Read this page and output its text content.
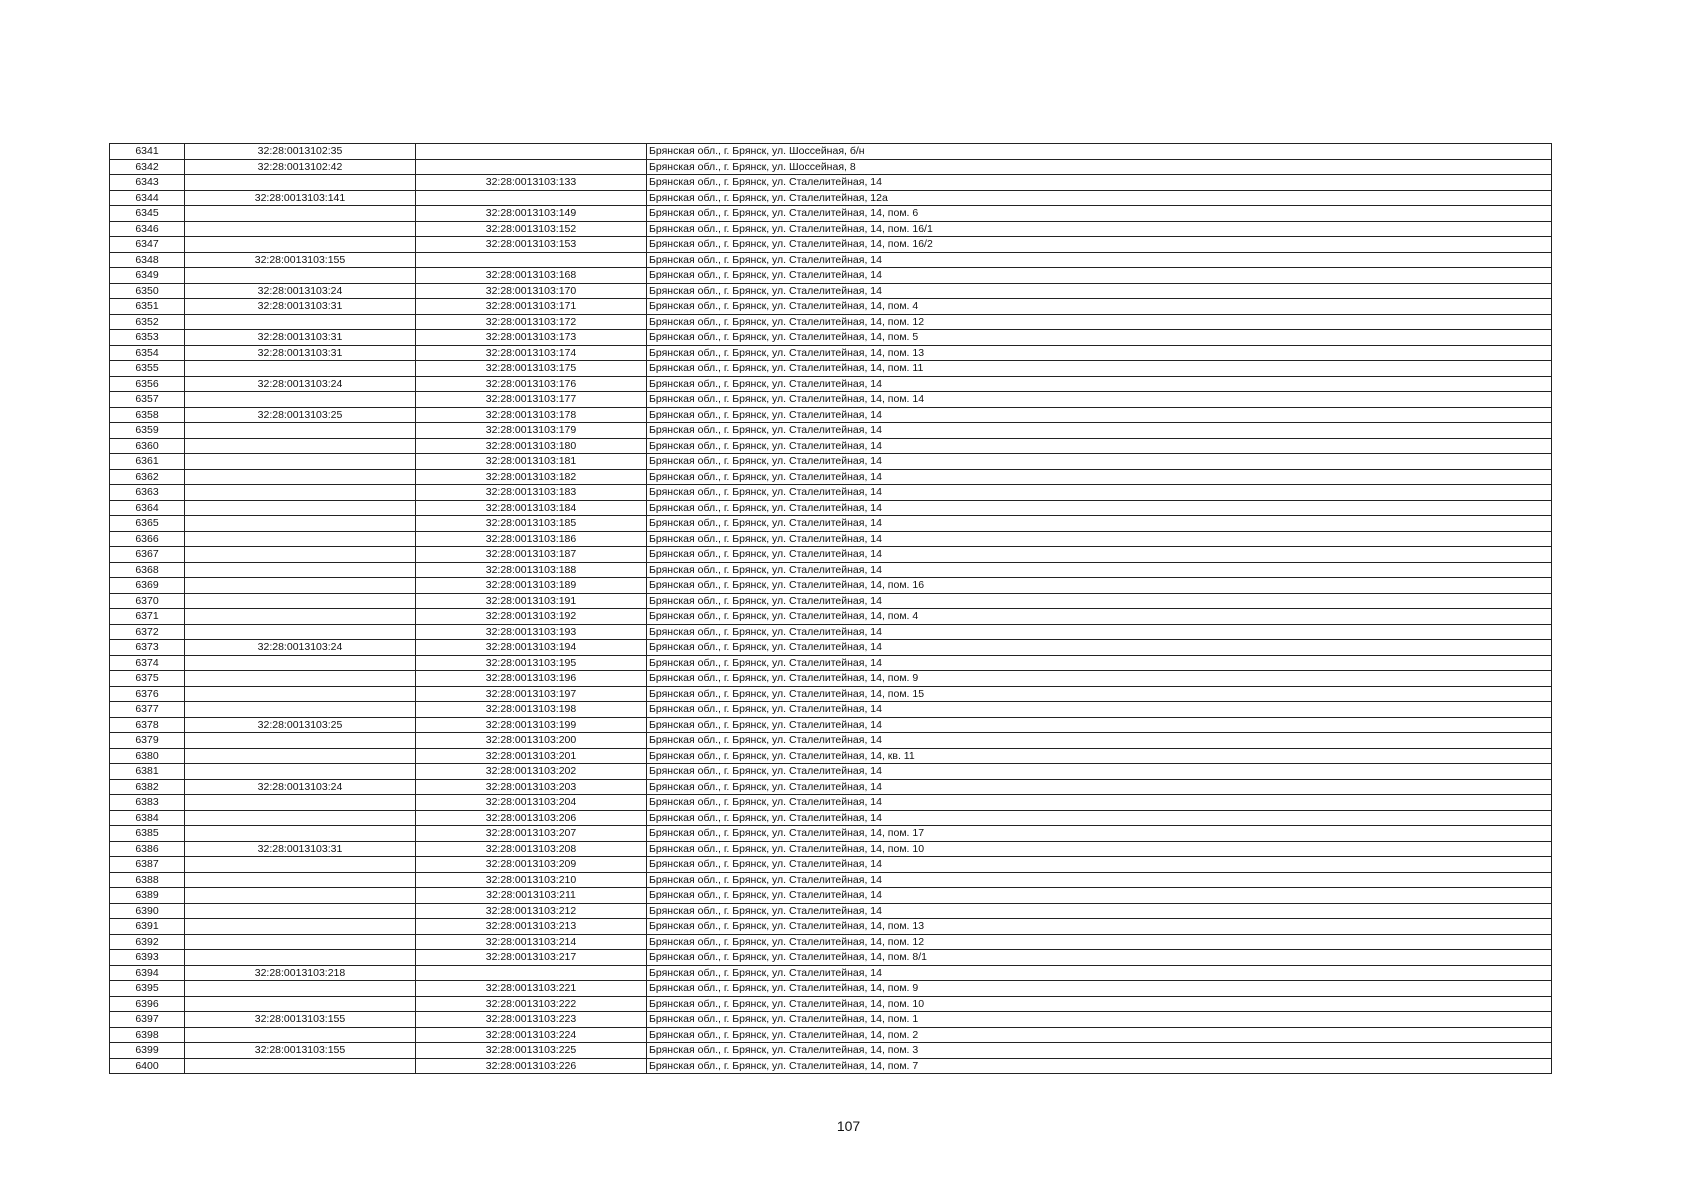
6341	32:28:0013102:35		Брянская обл., г. Брянск, ул. Шоссейная, б/н
6342	32:28:0013102:42		Брянская обл., г. Брянск, ул. Шоссейная, 8
6343		32:28:0013103:133	Брянская обл., г. Брянск, ул. Сталелитейная, 14
6344	32:28:0013103:141		Брянская обл., г. Брянск, ул. Сталелитейная, 12а
6345		32:28:0013103:149	Брянская обл., г. Брянск, ул. Сталелитейная, 14, пом. 6
6346		32:28:0013103:152	Брянская обл., г. Брянск, ул. Сталелитейная, 14, пом. 16/1
6347		32:28:0013103:153	Брянская обл., г. Брянск, ул. Сталелитейная, 14, пом. 16/2
6348	32:28:0013103:155		Брянская обл., г. Брянск, ул. Сталелитейная, 14
6349		32:28:0013103:168	Брянская обл., г. Брянск, ул. Сталелитейная, 14
6350	32:28:0013103:24	32:28:0013103:170	Брянская обл., г. Брянск, ул. Сталелитейная, 14
6351	32:28:0013103:31	32:28:0013103:171	Брянская обл., г. Брянск, ул. Сталелитейная, 14, пом. 4
6352		32:28:0013103:172	Брянская обл., г. Брянск, ул. Сталелитейная, 14, пом. 12
6353	32:28:0013103:31	32:28:0013103:173	Брянская обл., г. Брянск, ул. Сталелитейная, 14, пом. 5
6354	32:28:0013103:31	32:28:0013103:174	Брянская обл., г. Брянск, ул. Сталелитейная, 14, пом. 13
6355		32:28:0013103:175	Брянская обл., г. Брянск, ул. Сталелитейная, 14, пом. 11
6356	32:28:0013103:24	32:28:0013103:176	Брянская обл., г. Брянск, ул. Сталелитейная, 14
6357		32:28:0013103:177	Брянская обл., г. Брянск, ул. Сталелитейная, 14, пом. 14
6358	32:28:0013103:25	32:28:0013103:178	Брянская обл., г. Брянск, ул. Сталелитейная, 14
6359		32:28:0013103:179	Брянская обл., г. Брянск, ул. Сталелитейная, 14
6360		32:28:0013103:180	Брянская обл., г. Брянск, ул. Сталелитейная, 14
6361		32:28:0013103:181	Брянская обл., г. Брянск, ул. Сталелитейная, 14
6362		32:28:0013103:182	Брянская обл., г. Брянск, ул. Сталелитейная, 14
6363		32:28:0013103:183	Брянская обл., г. Брянск, ул. Сталелитейная, 14
6364		32:28:0013103:184	Брянская обл., г. Брянск, ул. Сталелитейная, 14
6365		32:28:0013103:185	Брянская обл., г. Брянск, ул. Сталелитейная, 14
6366		32:28:0013103:186	Брянская обл., г. Брянск, ул. Сталелитейная, 14
6367		32:28:0013103:187	Брянская обл., г. Брянск, ул. Сталелитейная, 14
6368		32:28:0013103:188	Брянская обл., г. Брянск, ул. Сталелитейная, 14
6369		32:28:0013103:189	Брянская обл., г. Брянск, ул. Сталелитейная, 14, пом. 16
6370		32:28:0013103:191	Брянская обл., г. Брянск, ул. Сталелитейная, 14
6371		32:28:0013103:192	Брянская обл., г. Брянск, ул. Сталелитейная, 14, пом. 4
6372		32:28:0013103:193	Брянская обл., г. Брянск, ул. Сталелитейная, 14
6373	32:28:0013103:24	32:28:0013103:194	Брянская обл., г. Брянск, ул. Сталелитейная, 14
6374		32:28:0013103:195	Брянская обл., г. Брянск, ул. Сталелитейная, 14
6375		32:28:0013103:196	Брянская обл., г. Брянск, ул. Сталелитейная, 14, пом. 9
6376		32:28:0013103:197	Брянская обл., г. Брянск, ул. Сталелитейная, 14, пом. 15
6377		32:28:0013103:198	Брянская обл., г. Брянск, ул. Сталелитейная, 14
6378	32:28:0013103:25	32:28:0013103:199	Брянская обл., г. Брянск, ул. Сталелитейная, 14
6379		32:28:0013103:200	Брянская обл., г. Брянск, ул. Сталелитейная, 14
6380		32:28:0013103:201	Брянская обл., г. Брянск, ул. Сталелитейная, 14, кв. 11
6381		32:28:0013103:202	Брянская обл., г. Брянск, ул. Сталелитейная, 14
6382	32:28:0013103:24	32:28:0013103:203	Брянская обл., г. Брянск, ул. Сталелитейная, 14
6383		32:28:0013103:204	Брянская обл., г. Брянск, ул. Сталелитейная, 14
6384		32:28:0013103:206	Брянская обл., г. Брянск, ул. Сталелитейная, 14
6385		32:28:0013103:207	Брянская обл., г. Брянск, ул. Сталелитейная, 14, пом. 17
6386	32:28:0013103:31	32:28:0013103:208	Брянская обл., г. Брянск, ул. Сталелитейная, 14, пом. 10
6387		32:28:0013103:209	Брянская обл., г. Брянск, ул. Сталелитейная, 14
6388		32:28:0013103:210	Брянская обл., г. Брянск, ул. Сталелитейная, 14
6389		32:28:0013103:211	Брянская обл., г. Брянск, ул. Сталелитейная, 14
6390		32:28:0013103:212	Брянская обл., г. Брянск, ул. Сталелитейная, 14
6391		32:28:0013103:213	Брянская обл., г. Брянск, ул. Сталелитейная, 14, пом. 13
6392		32:28:0013103:214	Брянская обл., г. Брянск, ул. Сталелитейная, 14, пом. 12
6393		32:28:0013103:217	Брянская обл., г. Брянск, ул. Сталелитейная, 14, пом. 8/1
6394	32:28:0013103:218		Брянская обл., г. Брянск, ул. Сталелитейная, 14
6395		32:28:0013103:221	Брянская обл., г. Брянск, ул. Сталелитейная, 14, пом. 9
6396		32:28:0013103:222	Брянская обл., г. Брянск, ул. Сталелитейная, 14, пом. 10
6397	32:28:0013103:155	32:28:0013103:223	Брянская обл., г. Брянск, ул. Сталелитейная, 14, пом. 1
6398		32:28:0013103:224	Брянская обл., г. Брянск, ул. Сталелитейная, 14, пом. 2
6399	32:28:0013103:155	32:28:0013103:225	Брянская обл., г. Брянск, ул. Сталелитейная, 14, пом. 3
6400		32:28:0013103:226	Брянская обл., г. Брянск, ул. Сталелитейная, 14, пом. 7
107
